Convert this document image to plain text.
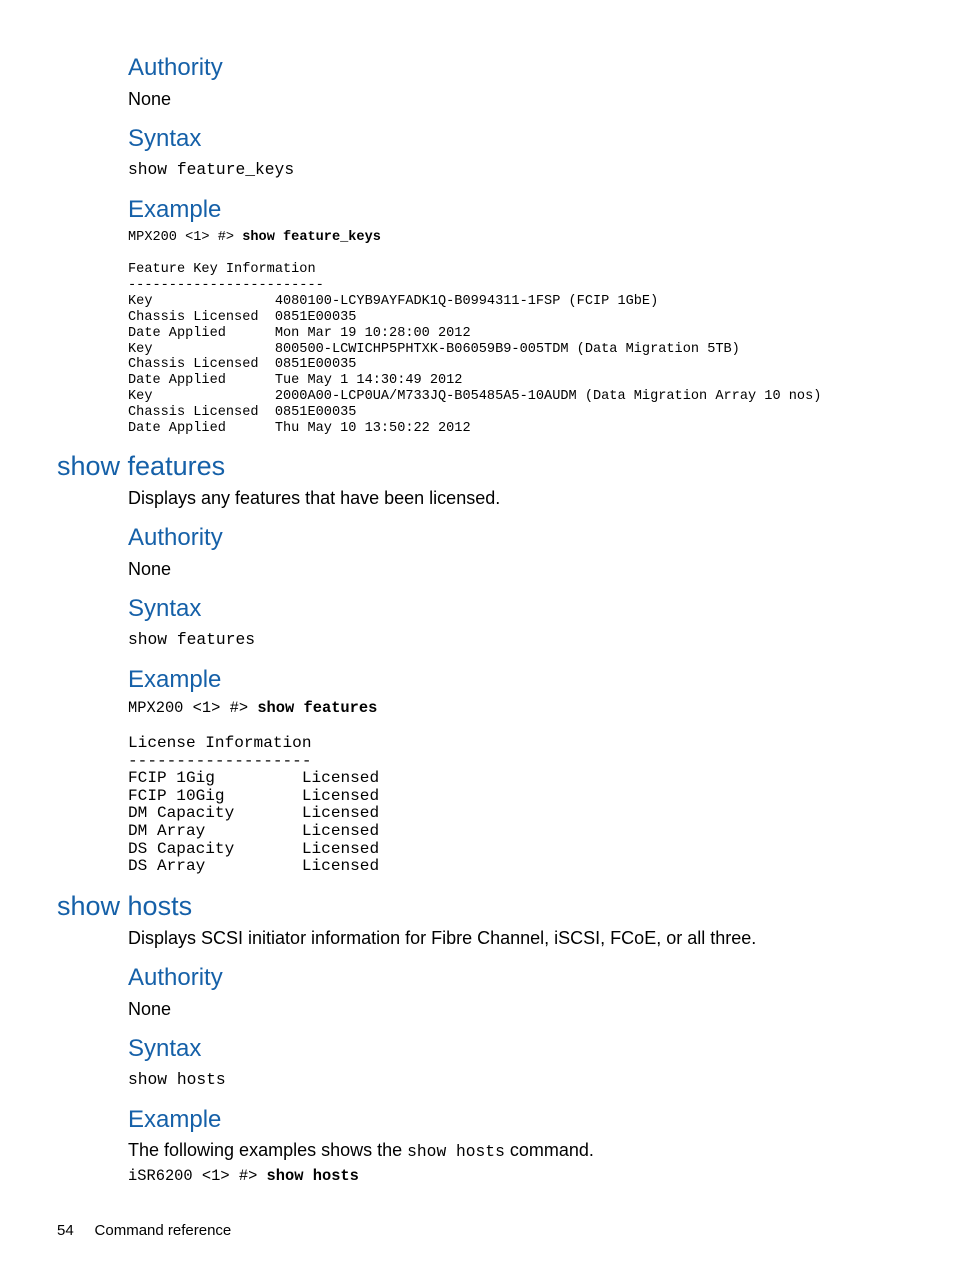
Authority

None

Syntax

show feature_keys

Example

MPX200 <1> #> show feature_keys

Feature Key Information
------------------------
Key               4080100-LCYB9AYFADK1Q-B0994311-1FSP (FCIP 1GbE)
Chassis Licensed  0851E00035
Date Applied      Mon Mar 19 10:28:00 2012
Key               800500-LCWICHP5PHTXK-B06059B9-005TDM (Data Migration 5TB)
Chassis Licensed  0851E00035
Date Applied      Tue May 1 14:30:49 2012
Key               2000A00-LCP0UA/M733JQ-B05485A5-10AUDM (Data Migration Array 10 nos)
Chassis Licensed  0851E00035
Date Applied      Thu May 10 13:50:22 2012
show features

Displays any features that have been licensed.

Authority

None

Syntax

show features

Example

MPX200 <1> #> show features

License Information
-------------------
FCIP 1Gig         Licensed
FCIP 10Gig        Licensed
DM Capacity       Licensed
DM Array          Licensed
DS Capacity       Licensed
DS Array          Licensed
show hosts

Displays SCSI initiator information for Fibre Channel, iSCSI, FCoE, or all three.

Authority

None

Syntax

show hosts

Example

The following examples shows the show hosts command.

iSR6200 <1> #> show hosts

54 Command reference
